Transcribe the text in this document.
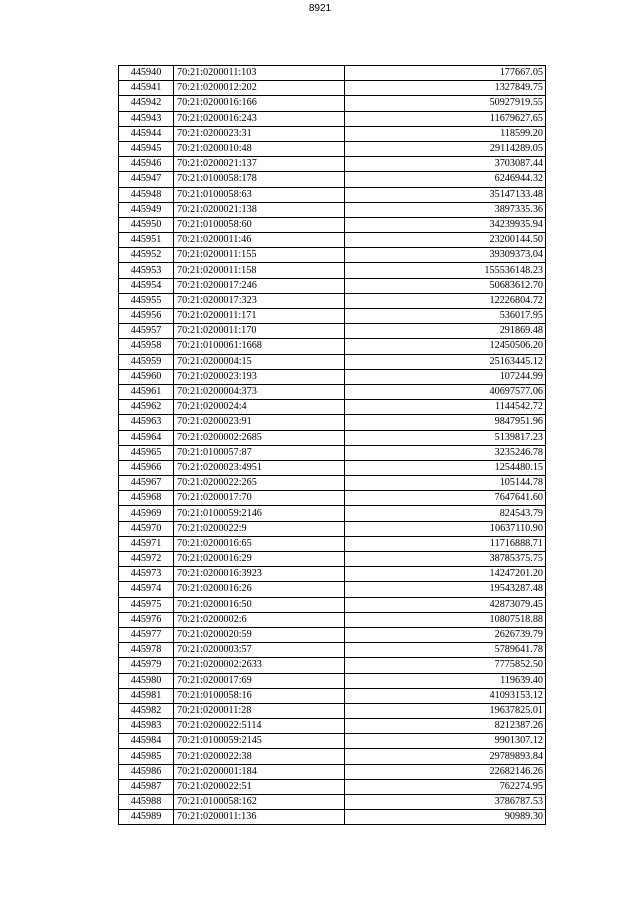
8921
445940	70:21:0200011:103	177667.05
445941	70:21:0200012:202	1327849.75
445942	70:21:0200016:166	50927919.55
445943	70:21:0200016:243	11679627.65
445944	70:21:0200023:31	118599.20
445945	70:21:0200010:48	29114289.05
445946	70:21:0200021:137	3703087.44
445947	70:21:0100058:178	6246944.32
445948	70:21:0100058:63	35147133.48
445949	70:21:0200021:138	3897335.36
445950	70:21:0100058:60	34239935.94
445951	70:21:0200011:46	23200144.50
445952	70:21:0200011:155	39309373.04
445953	70:21:0200011:158	155536148.23
445954	70:21:0200017:246	50683612.70
445955	70:21:0200017:323	12226804.72
445956	70:21:0200011:171	536017.95
445957	70:21:0200011:170	291869.48
445958	70:21:0100061:1668	12450506.20
445959	70:21:0200004:15	25163445.12
445960	70:21:0200023:193	107244.99
445961	70:21:0200004:373	40697577.06
445962	70:21:0200024:4	1144542.72
445963	70:21:0200023:91	9847951.96
445964	70:21:0200002:2685	5139817.23
445965	70:21:0100057:87	3235246.78
445966	70:21:0200023:4951	1254480.15
445967	70:21:0200022:265	105144.78
445968	70:21:0200017:70	7647641.60
445969	70:21:0100059:2146	824543.79
445970	70:21:0200022:9	10637110.90
445971	70:21:0200016:65	11716888.71
445972	70:21:0200016:29	38785375.75
445973	70:21:0200016:3923	14247201.20
445974	70:21:0200016:26	19543287.48
445975	70:21:0200016:50	42873079.45
445976	70:21:0200002:6	10807518.88
445977	70:21:0200020:59	2626739.79
445978	70:21:0200003:57	5789641.78
445979	70:21:0200002:2633	7775852.50
445980	70:21:0200017:69	119639.40
445981	70:21:0100058:16	41093153.12
445982	70:21:0200011:28	19637825.01
445983	70:21:0200022:5114	8212387.26
445984	70:21:0100059:2145	9901307.12
445985	70:21:0200022:38	29789893.84
445986	70:21:0200001:184	22682146.26
445987	70:21:0200022:51	762274.95
445988	70:21:0100058:162	3786787.53
445989	70:21:0200011:136	90989.30
